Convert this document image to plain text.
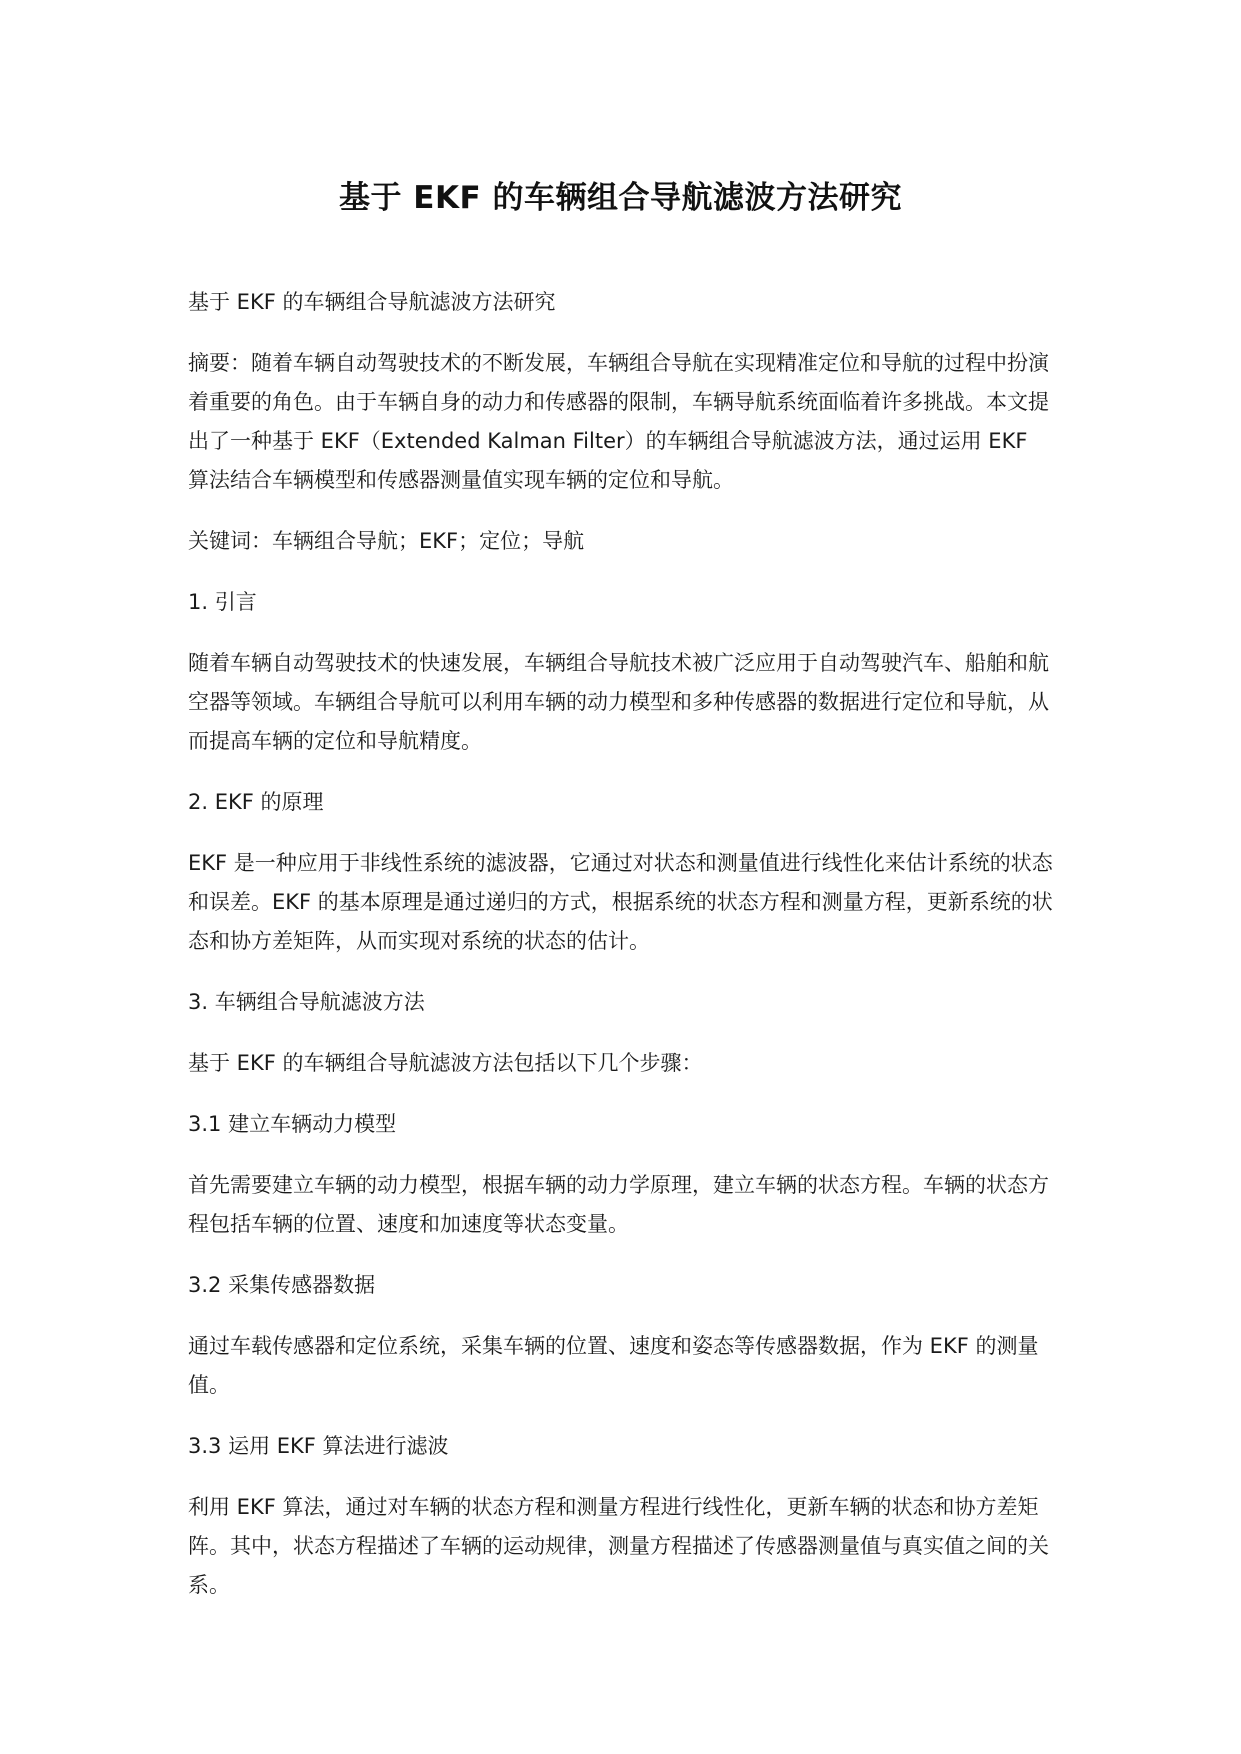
基于 EKF 的车辆组合导航滤波方法研究
基于 EKF 的车辆组合导航滤波方法研究
摘要：随着车辆自动驾驶技术的不断发展，车辆组合导航在实现精准定位和导航的过程中扮演着重要的角色。由于车辆自身的动力和传感器的限制，车辆导航系统面临着许多挑战。本文提出了一种基于 EKF（Extended Kalman Filter）的车辆组合导航滤波方法，通过运用 EKF 算法结合车辆模型和传感器测量值实现车辆的定位和导航。
关键词：车辆组合导航；EKF；定位；导航
1. 引言
随着车辆自动驾驶技术的快速发展，车辆组合导航技术被广泛应用于自动驾驶汽车、船舶和航空器等领域。车辆组合导航可以利用车辆的动力模型和多种传感器的数据进行定位和导航，从而提高车辆的定位和导航精度。
2. EKF 的原理
EKF 是一种应用于非线性系统的滤波器，它通过对状态和测量值进行线性化来估计系统的状态和误差。EKF 的基本原理是通过递归的方式，根据系统的状态方程和测量方程，更新系统的状态和协方差矩阵，从而实现对系统的状态的估计。
3. 车辆组合导航滤波方法
基于 EKF 的车辆组合导航滤波方法包括以下几个步骤：
3.1 建立车辆动力模型
首先需要建立车辆的动力模型，根据车辆的动力学原理，建立车辆的状态方程。车辆的状态方程包括车辆的位置、速度和加速度等状态变量。
3.2 采集传感器数据
通过车载传感器和定位系统，采集车辆的位置、速度和姿态等传感器数据，作为 EKF 的测量值。
3.3 运用 EKF 算法进行滤波
利用 EKF 算法，通过对车辆的状态方程和测量方程进行线性化，更新车辆的状态和协方差矩阵。其中，状态方程描述了车辆的运动规律，测量方程描述了传感器测量值与真实值之间的关系。
